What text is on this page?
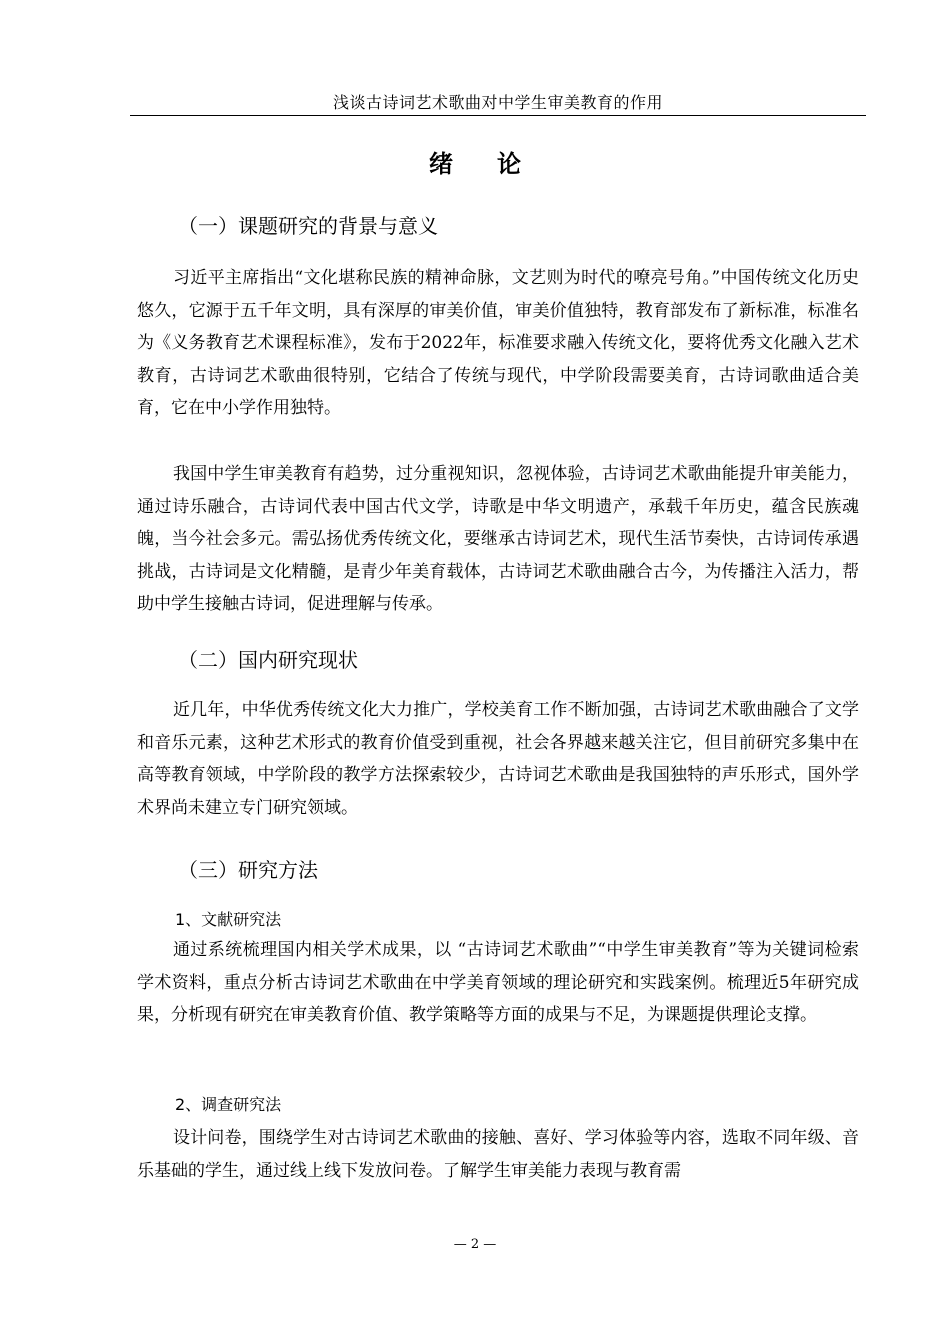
浅谈古诗词艺术歌曲对中学生审美教育的作用
绪论
（一）课题研究的背景与意义

习近平主席指出“文化堪称民族的精神命脉，文艺则为时代的嘹亮号角。”中国传统文化历史悠久，它源于五千年文明，具有深厚的审美价值，审美价值独特，教育部发布了新标准，标准名为《义务教育艺术课程标准》，发布于2022年，标准要求融入传统文化，要将优秀文化融入艺术教育，古诗词艺术歌曲很特别，它结合了传统与现代，中学阶段需要美育，古诗词歌曲适合美育，它在中小学作用独特。

我国中学生审美教育有趋势，过分重视知识，忽视体验，古诗词艺术歌曲能提升审美能力，通过诗乐融合，古诗词代表中国古代文学，诗歌是中华文明遗产，承载千年历史，蕴含民族魂魄，当今社会多元。需弘扬优秀传统文化，要继承古诗词艺术，现代生活节奏快，古诗词传承遇挑战，古诗词是文化精髓，是青少年美育载体，古诗词艺术歌曲融合古今，为传播注入活力，帮助中学生接触古诗词，促进理解与传承。

（二）国内研究现状

近几年，中华优秀传统文化大力推广，学校美育工作不断加强，古诗词艺术歌曲融合了文学和音乐元素，这种艺术形式的教育价值受到重视，社会各界越来越关注它，但目前研究多集中在高等教育领域，中学阶段的教学方法探索较少，古诗词艺术歌曲是我国独特的声乐形式，国外学术界尚未建立专门研究领域。

（三）研究方法
1、文献研究法

通过系统梳理国内相关学术成果，以 “古诗词艺术歌曲”“中学生审美教育”等为关键词检索学术资料，重点分析古诗词艺术歌曲在中学美育领域的理论研究和实践案例。梳理近5年研究成果，分析现有研究在审美教育价值、教学策略等方面的成果与不足，为课题提供理论支撑。

2、调查研究法

设计问卷，围绕学生对古诗词艺术歌曲的接触、喜好、学习体验等内容，选取不同年级、音乐基础的学生，通过线上线下发放问卷。了解学生审美能力表现与教育需

— 2 —
